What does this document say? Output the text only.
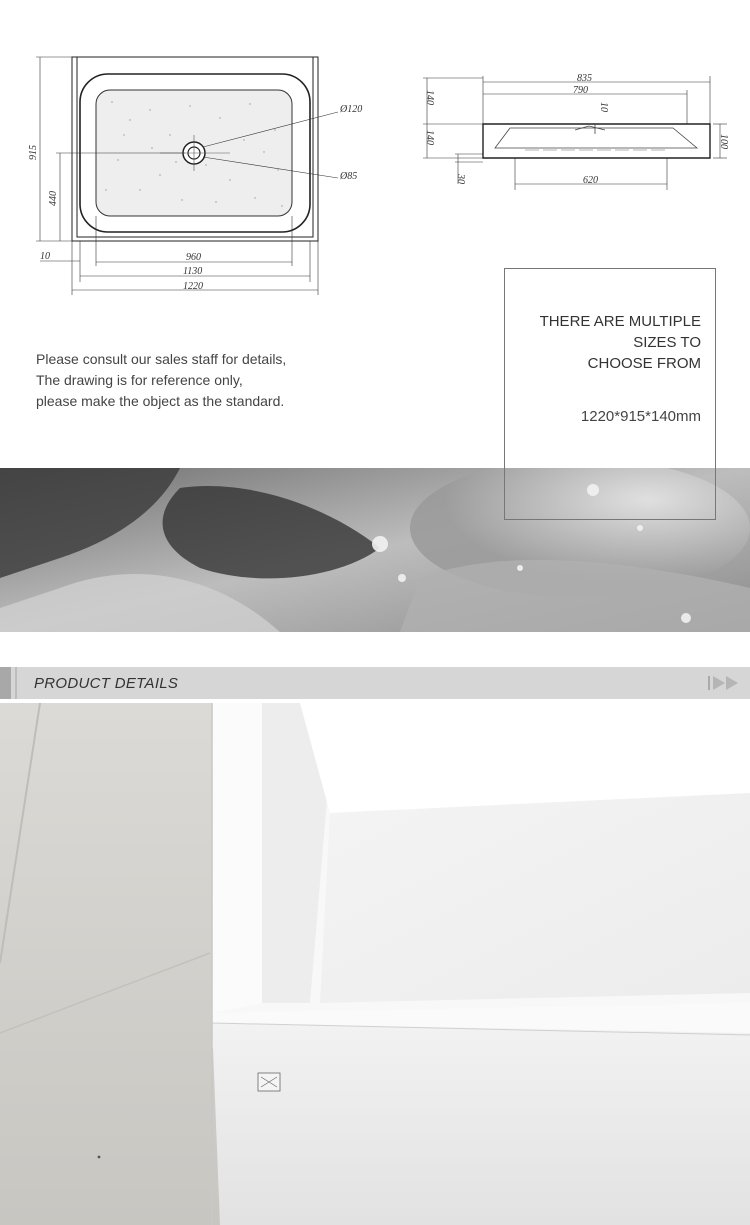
Ø120
Ø85
915
440
10	960
1130
1220
835
790
10
140
140	100
30	620
Please consult our sales staff for details,
The drawing is for reference only,
please make the object as the standard.
THERE ARE MULTIPLE
SIZES TO
CHOOSE FROM
1220*915*140mm
PRODUCT DETAILS
